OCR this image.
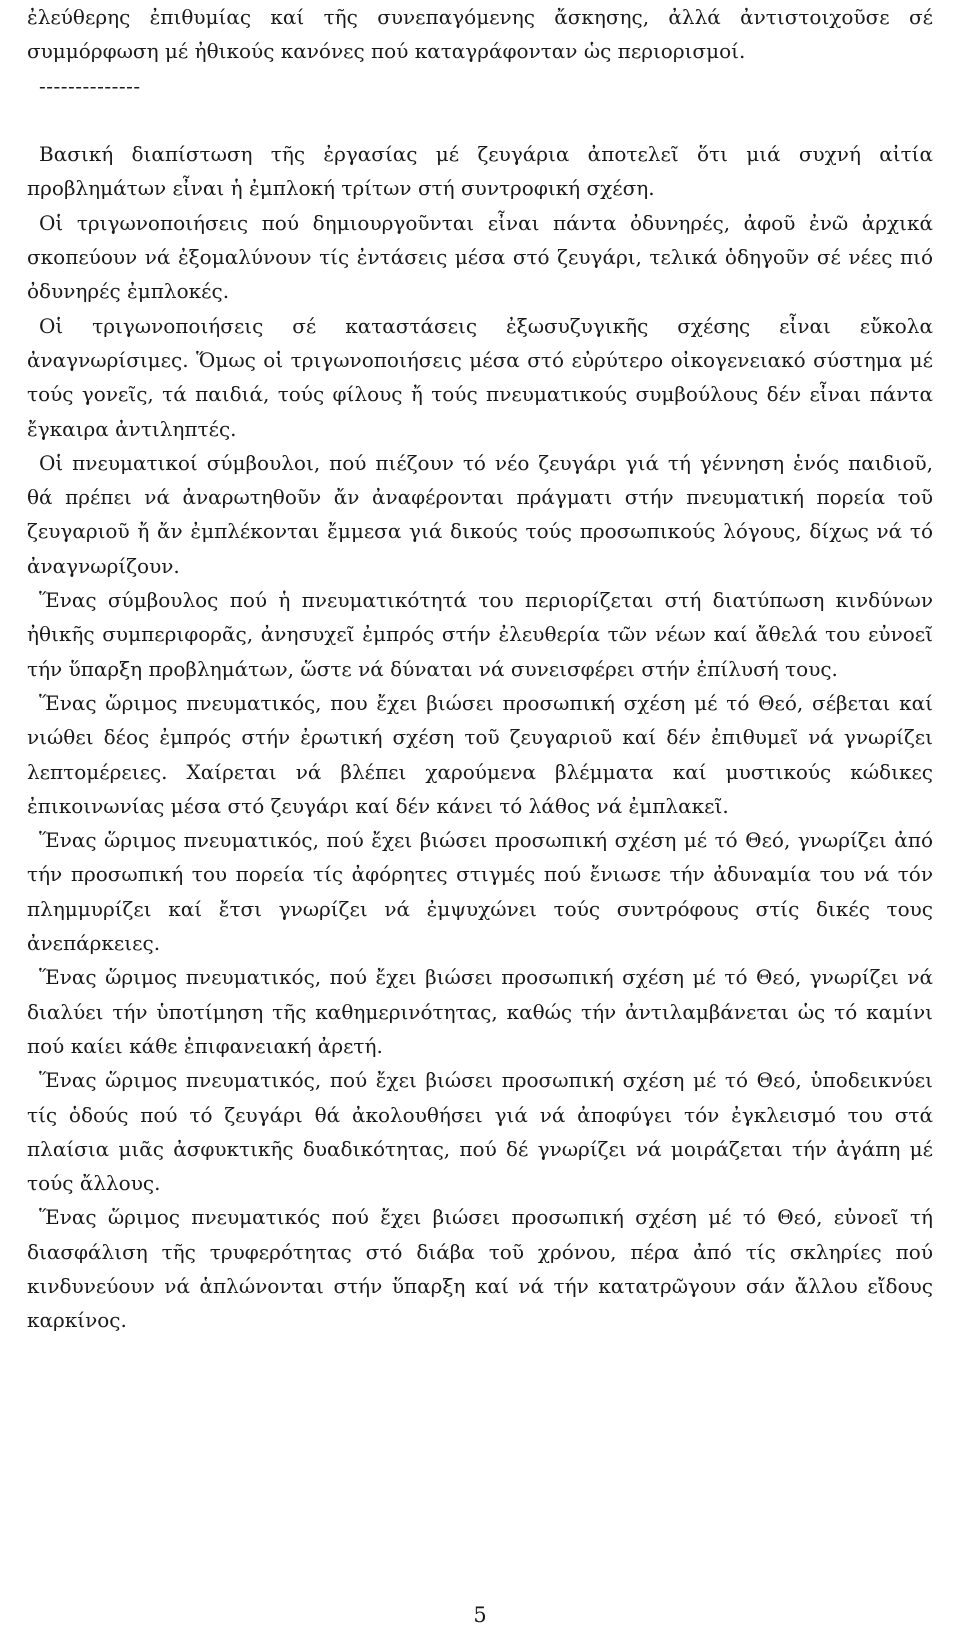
ἐλεύθερης ἐπιθυμίας καί τῆς συνεπαγόμενης ἄσκησης, ἀλλά ἀντιστοιχοῦσε σέ συμμόρφωση μέ ἠθικούς κανόνες πού καταγράφονταν ὡς περιορισμοί.

--------------

Βασική διαπίστωση τῆς ἐργασίας μέ ζευγάρια ἀποτελεῖ ὅτι μιά συχνή αἰτία προβλημάτων εἶναι ἡ ἐμπλοκή τρίτων στή συντροφική σχέση.

Οἱ τριγωνοποιήσεις πού δημιουργοῦνται εἶναι πάντα ὀδυνηρές, ἀφοῦ ἐνῶ ἀρχικά σκοπεύουν νά ἐξομαλύνουν τίς ἐντάσεις μέσα στό ζευγάρι, τελικά ὁδηγοῦν σέ νέες πιό ὀδυνηρές ἐμπλοκές.

Οἱ τριγωνοποιήσεις σέ καταστάσεις ἐξωσυζυγικῆς σχέσης εἶναι εὔκολα ἀναγνωρίσιμες. Ὅμως οἱ τριγωνοποιήσεις μέσα στό εὐρύτερο οἰκογενειακό σύστημα μέ τούς γονεῖς, τά παιδιά, τούς φίλους ἤ τούς πνευματικούς συμβούλους δέν εἶναι πάντα ἔγκαιρα ἀντιληπτές.

Οἱ πνευματικοί σύμβουλοι, πού πιέζουν τό νέο ζευγάρι γιά τή γέννηση ἑνός παιδιοῦ, θά πρέπει νά ἀναρωτηθοῦν ἄν ἀναφέρονται πράγματι στήν πνευματική πορεία τοῦ ζευγαριοῦ ἤ ἄν ἐμπλέκονται ἔμμεσα γιά δικούς τούς προσωπικούς λόγους, δίχως νά τό ἀναγνωρίζουν.

Ἕνας σύμβουλος πού ἡ πνευματικότητά του περιορίζεται στή διατύπωση κινδύνων ἠθικῆς συμπεριφορᾶς, ἀνησυχεῖ ἐμπρός στήν ἐλευθερία τῶν νέων καί ἄθελά του εὐνοεῖ τήν ὕπαρξη προβλημάτων, ὥστε νά δύναται νά συνεισφέρει στήν ἐπίλυσή τους.

Ἕνας ὥριμος πνευματικός, που ἔχει βιώσει προσωπική σχέση μέ τό Θεό, σέβεται καί νιώθει δέος ἐμπρός στήν ἐρωτική σχέση τοῦ ζευγαριοῦ καί δέν ἐπιθυμεῖ νά γνωρίζει λεπτομέρειες. Χαίρεται νά βλέπει χαρούμενα βλέμματα καί μυστικούς κώδικες ἐπικοινωνίας μέσα στό ζευγάρι καί δέν κάνει τό λάθος νά ἐμπλακεῖ.

Ἕνας ὥριμος πνευματικός, πού ἔχει βιώσει προσωπική σχέση μέ τό Θεό, γνωρίζει ἀπό τήν προσωπική του πορεία τίς ἀφόρητες στιγμές πού ἔνιωσε τήν ἀδυναμία του νά τόν πλημμυρίζει καί ἔτσι γνωρίζει νά ἐμψυχώνει τούς συντρόφους στίς δικές τους ἀνεπάρκειες.

Ἕνας ὥριμος πνευματικός, πού ἔχει βιώσει προσωπική σχέση μέ τό Θεό, γνωρίζει νά διαλύει τήν ὑποτίμηση τῆς καθημερινότητας, καθώς τήν ἀντιλαμβάνεται ὡς τό καμίνι πού καίει κάθε ἐπιφανειακή ἀρετή.

Ἕνας ὥριμος πνευματικός, πού ἔχει βιώσει προσωπική σχέση μέ τό Θεό, ὑποδεικνύει τίς ὁδούς πού τό ζευγάρι θά ἀκολουθήσει γιά νά ἀποφύγει τόν ἐγκλεισμό του στά πλαίσια μιᾶς ἀσφυκτικῆς δυαδικότητας, πού δέ γνωρίζει νά μοιράζεται τήν ἀγάπη μέ τούς ἄλλους.

Ἕνας ὥριμος πνευματικός πού ἔχει βιώσει προσωπική σχέση μέ τό Θεό, εὐνοεῖ τή διασφάλιση τῆς τρυφερότητας στό διάβα τοῦ χρόνου, πέρα ἀπό τίς σκληρίες πού κινδυνεύουν νά ἁπλώνονται στήν ὕπαρξη καί νά τήν κατατρῶγουν σάν ἄλλου εἴδους καρκίνος.

5
